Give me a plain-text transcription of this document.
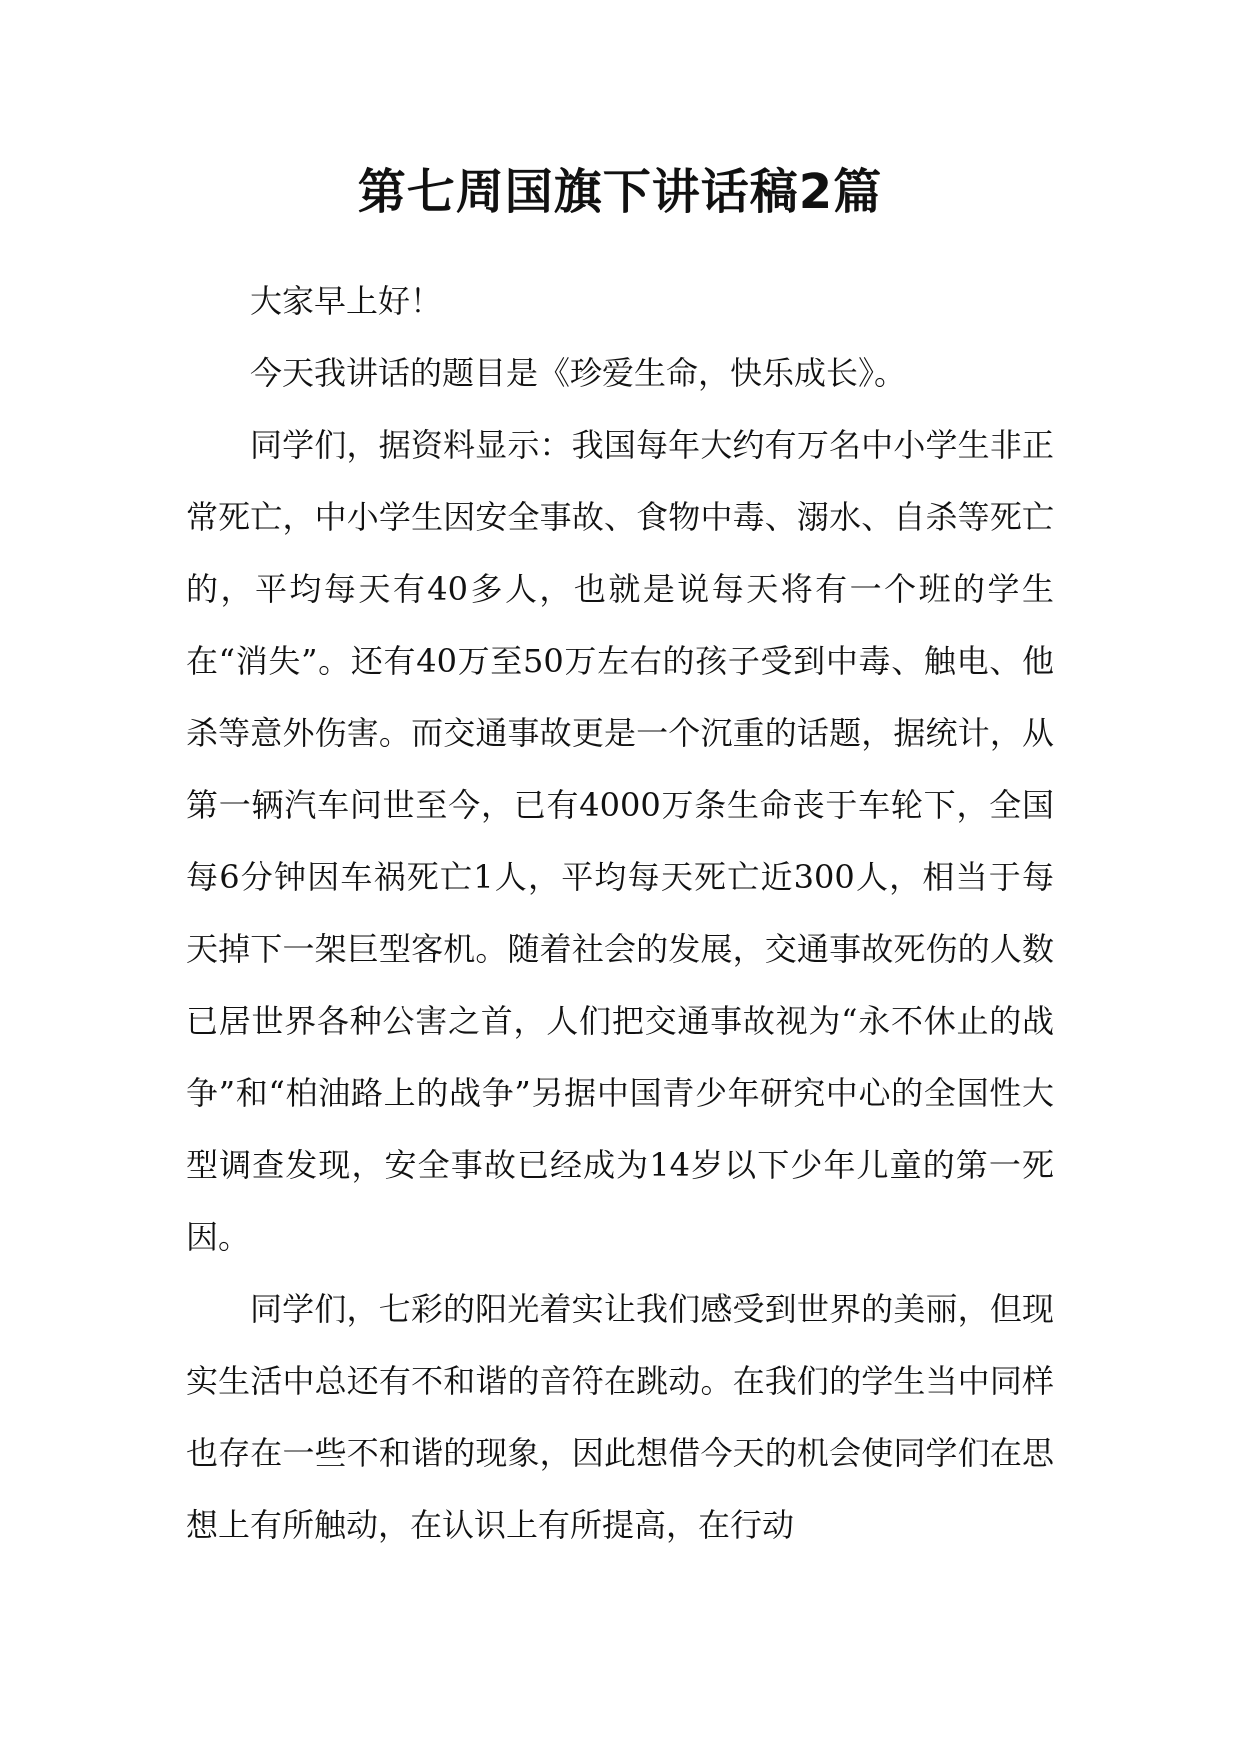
第七周国旗下讲话稿2篇

大家早上好！

今天我讲话的题目是《珍爱生命，快乐成长》。

同学们，据资料显示：我国每年大约有万名中小学生非正常死亡，中小学生因安全事故、食物中毒、溺水、自杀等死亡的，平均每天有40多人，也就是说每天将有一个班的学生在“消失”。还有40万至50万左右的孩子受到中毒、触电、他杀等意外伤害。而交通事故更是一个沉重的话题，据统计，从第一辆汽车问世至今，已有4000万条生命丧于车轮下，全国每6分钟因车祸死亡1人，平均每天死亡近300人，相当于每天掉下一架巨型客机。随着社会的发展，交通事故死伤的人数已居世界各种公害之首，人们把交通事故视为“永不休止的战争”和“柏油路上的战争”另据中国青少年研究中心的全国性大型调查发现，安全事故已经成为14岁以下少年儿童的第一死因。

同学们，七彩的阳光着实让我们感受到世界的美丽，但现实生活中总还有不和谐的音符在跳动。在我们的学生当中同样也存在一些不和谐的现象，因此想借今天的机会使同学们在思想上有所触动，在认识上有所提高，在行动
